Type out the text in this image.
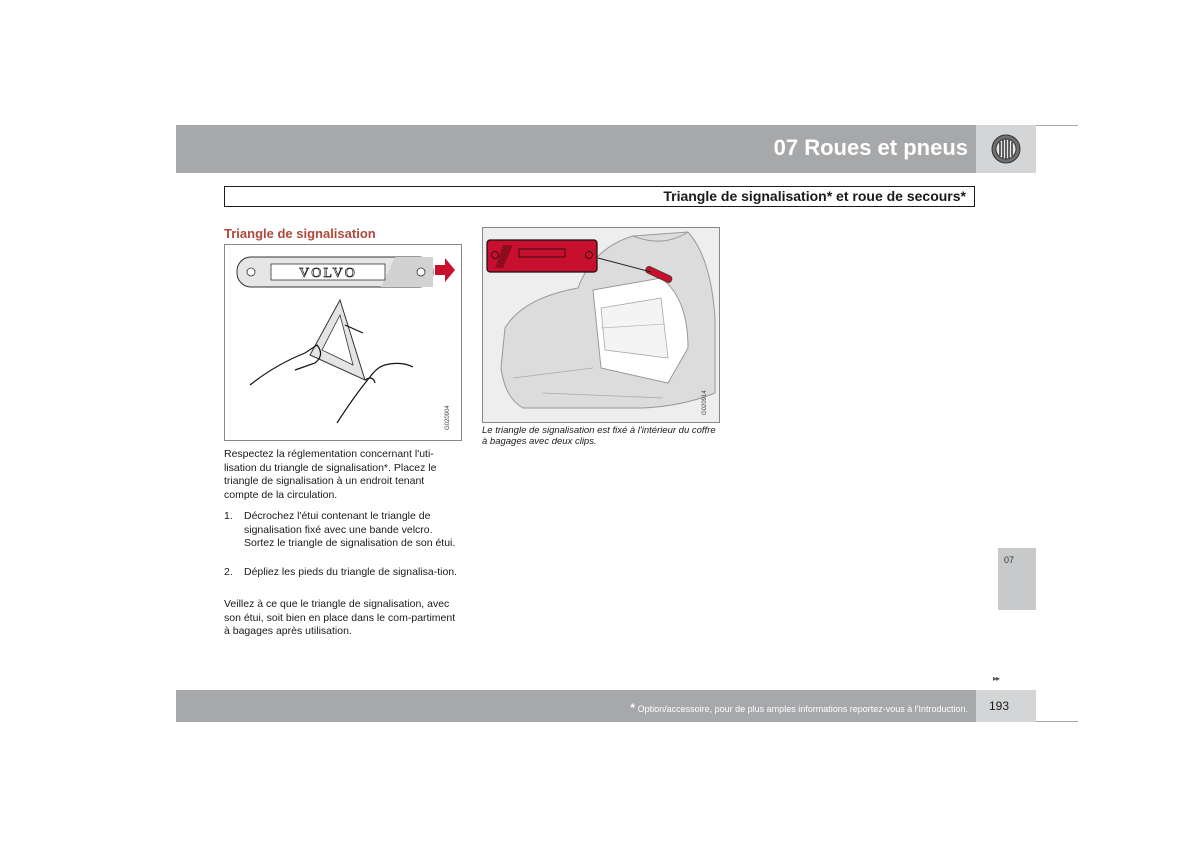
07 Roues et pneus
Triangle de signalisation* et roue de secours*
Triangle de signalisation
VOLVO
G020904
Respectez la réglementation concernant l'uti-lisation du triangle de signalisation*. Placez le triangle de signalisation à un endroit tenant compte de la circulation.
1. Décrochez l'étui contenant le triangle de signalisation fixé avec une bande velcro. Sortez le triangle de signalisation de son étui.
2. Dépliez les pieds du triangle de signalisa-tion.
Veillez à ce que le triangle de signalisation, avec son étui, soit bien en place dans le com-partiment à bagages après utilisation.
G020914
Le triangle de signalisation est fixé à l'intérieur du coffre à bagages avec deux clips.
07
▸▸
* Option/accessoire, pour de plus amples informations reportez-vous à l'Introduction. 193
